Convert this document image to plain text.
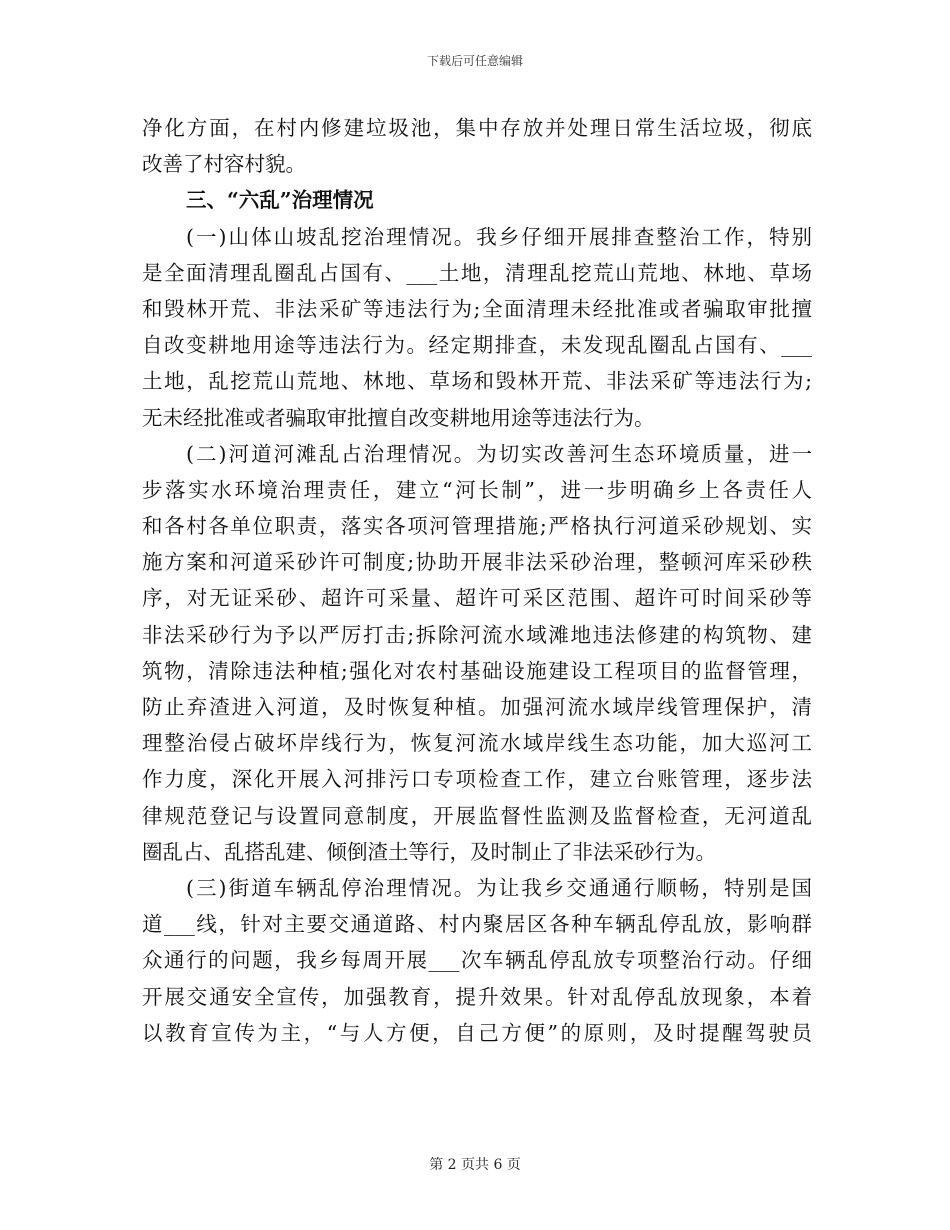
下载后可任意编辑
净化方面，在村内修建垃圾池，集中存放并处理日常生活垃圾，彻底
改善了村容村貌。
三、“六乱”治理情况
(一)山体山坡乱挖治理情况。我乡仔细开展排查整治工作，特别
是全面清理乱圈乱占国有、___土地，清理乱挖荒山荒地、林地、草场
和毁林开荒、非法采矿等违法行为;全面清理未经批准或者骗取审批擅
自改变耕地用途等违法行为。经定期排查，未发现乱圈乱占国有、___
土地，乱挖荒山荒地、林地、草场和毁林开荒、非法采矿等违法行为;
无未经批准或者骗取审批擅自改变耕地用途等违法行为。
(二)河道河滩乱占治理情况。为切实改善河生态环境质量，进一
步落实水环境治理责任，建立“河长制”，进一步明确乡上各责任人
和各村各单位职责，落实各项河管理措施;严格执行河道采砂规划、实
施方案和河道采砂许可制度;协助开展非法采砂治理，整顿河库采砂秩
序，对无证采砂、超许可采量、超许可采区范围、超许可时间采砂等
非法采砂行为予以严厉打击;拆除河流水域滩地违法修建的构筑物、建
筑物，清除违法种植;强化对农村基础设施建设工程项目的监督管理，
防止弃渣进入河道，及时恢复种植。加强河流水域岸线管理保护，清
理整治侵占破坏岸线行为，恢复河流水域岸线生态功能，加大巡河工
作力度，深化开展入河排污口专项检查工作，建立台账管理，逐步法
律规范登记与设置同意制度，开展监督性监测及监督检查，无河道乱
圈乱占、乱搭乱建、倾倒渣土等行，及时制止了非法采砂行为。
(三)街道车辆乱停治理情况。为让我乡交通通行顺畅，特别是国
道___线，针对主要交通道路、村内聚居区各种车辆乱停乱放，影响群
众通行的问题，我乡每周开展___次车辆乱停乱放专项整治行动。仔细
开展交通安全宣传，加强教育，提升效果。针对乱停乱放现象，本着
以教育宣传为主，“与人方便，自己方便”的原则，及时提醒驾驶员
第 2 页共 6 页
